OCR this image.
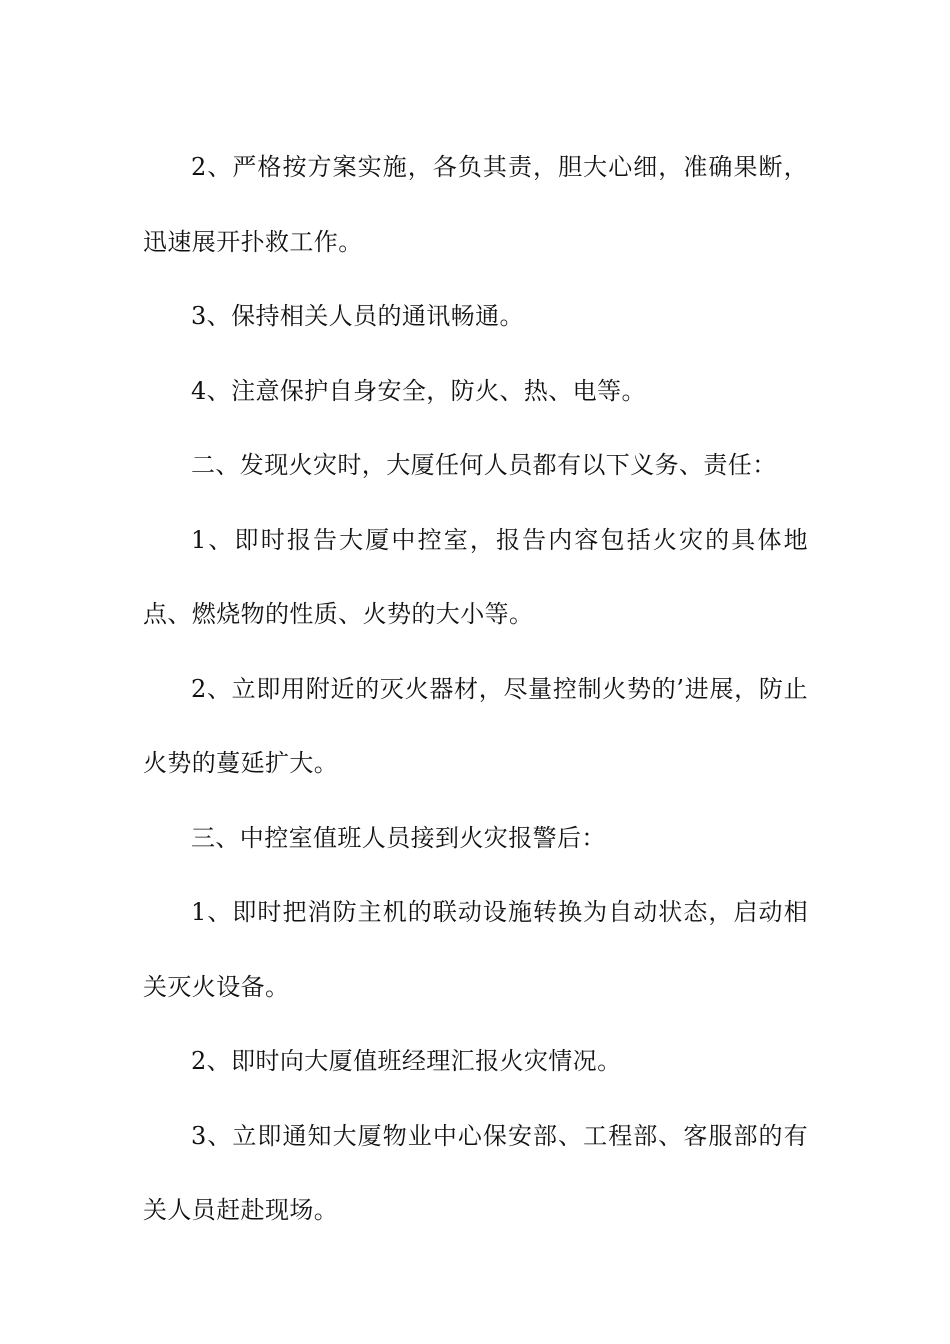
2、严格按方案实施，各负其责，胆大心细，准确果断，迅速展开扑救工作。

3、保持相关人员的通讯畅通。

4、注意保护自身安全，防火、热、电等。

二、发现火灾时，大厦任何人员都有以下义务、责任：

1、即时报告大厦中控室，报告内容包括火灾的具体地点、燃烧物的性质、火势的大小等。

2、立即用附近的灭火器材，尽量控制火势的’进展，防止火势的蔓延扩大。

三、中控室值班人员接到火灾报警后：

1、即时把消防主机的联动设施转换为自动状态，启动相关灭火设备。

2、即时向大厦值班经理汇报火灾情况。

3、立即通知大厦物业中心保安部、工程部、客服部的有关人员赶赴现场。
